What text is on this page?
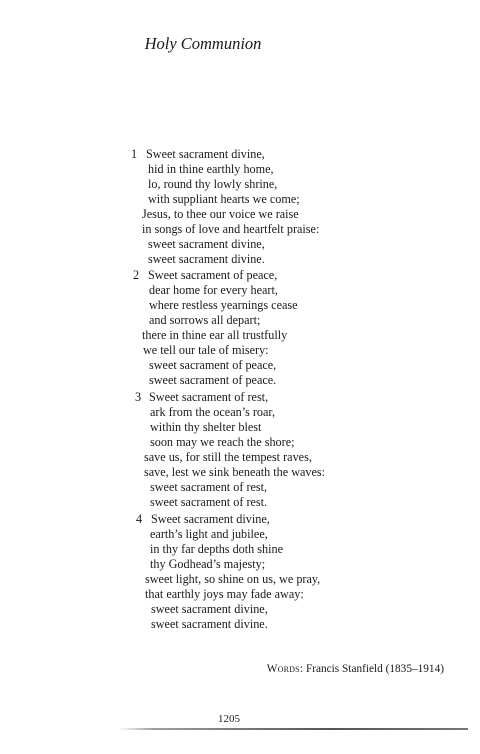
Holy Communion
1 Sweet sacrament divine,
hid in thine earthly home,
lo, round thy lowly shrine,
with suppliant hearts we come;
Jesus, to thee our voice we raise
in songs of love and heartfelt praise:
sweet sacrament divine,
sweet sacrament divine.
2 Sweet sacrament of peace,
dear home for every heart,
where restless yearnings cease
and sorrows all depart;
there in thine ear all trustfully
we tell our tale of misery:
sweet sacrament of peace,
sweet sacrament of peace.
3 Sweet sacrament of rest,
ark from the ocean’s roar,
within thy shelter blest
soon may we reach the shore;
save us, for still the tempest raves,
save, lest we sink beneath the waves:
sweet sacrament of rest,
sweet sacrament of rest.
4 Sweet sacrament divine,
earth’s light and jubilee,
in thy far depths doth shine
thy Godhead’s majesty;
sweet light, so shine on us, we pray,
that earthly joys may fade away:
sweet sacrament divine,
sweet sacrament divine.
Words: Francis Stanfield (1835–1914)
1205
